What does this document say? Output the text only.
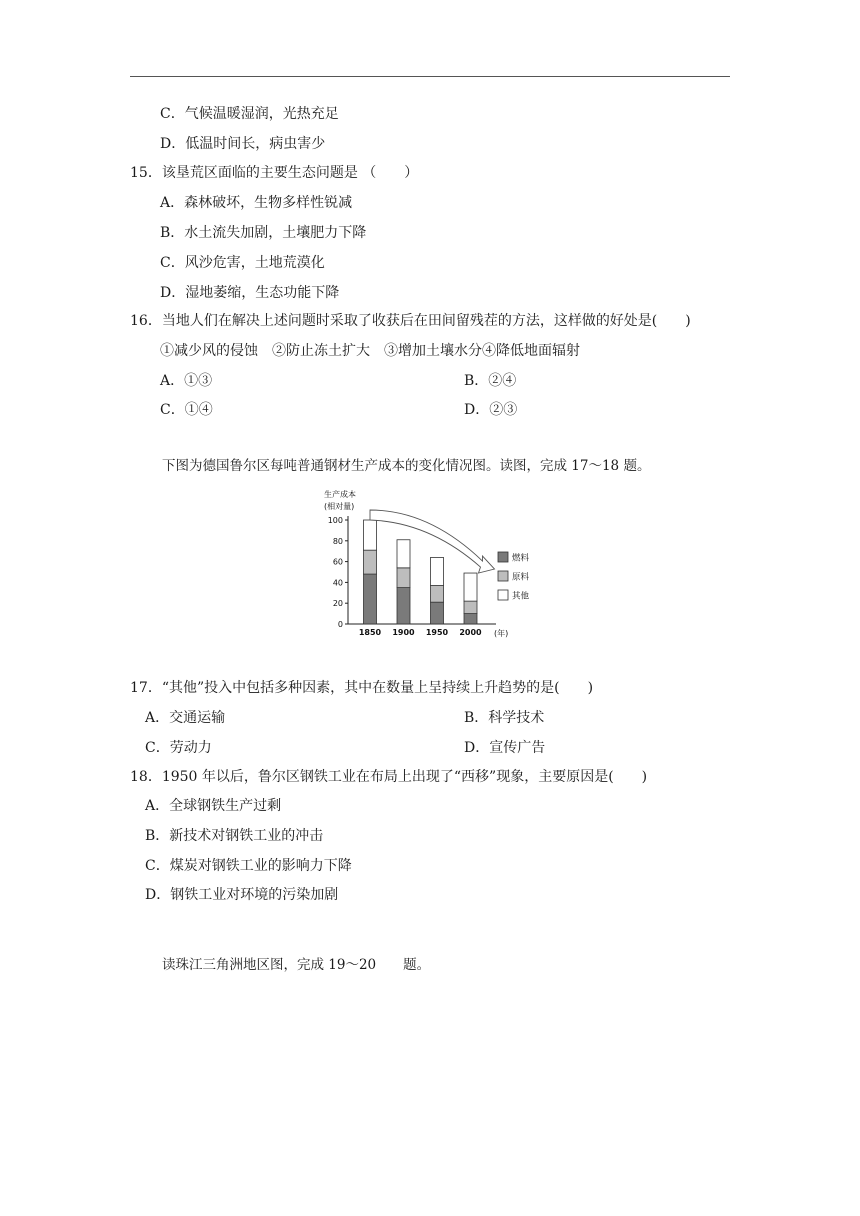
C．气候温暖湿润，光热充足
D．低温时间长，病虫害少
15．该垦荒区面临的主要生态问题是 （　　）
A．森林破坏，生物多样性锐减
B．水土流失加剧，土壤肥力下降
C．风沙危害，土地荒漠化
D．湿地萎缩，生态功能下降
16．当地人们在解决上述问题时采取了收获后在田间留残茬的方法，这样做的好处是(　　)
①减少风的侵蚀　②防止冻土扩大　③增加土壤水分④降低地面辐射
A．①③	B．②④
C．①④	D．②③
下图为德国鲁尔区每吨普通钢材生产成本的变化情况图。读图，完成 17～18 题。
生产成本
(相对量)
0
20
40
60
80
100
1850 1900 1950 2000
燃料
原料
其他
(年)
17．“其他”投入中包括多种因素，其中在数量上呈持续上升趋势的是(　　)
A．交通运输	B．科学技术
C．劳动力	D．宣传广告
18．1950 年以后，鲁尔区钢铁工业在布局上出现了“西移”现象，主要原因是(　　)
A．全球钢铁生产过剩
B．新技术对钢铁工业的冲击
C．煤炭对钢铁工业的影响力下降
D．钢铁工业对环境的污染加剧
读珠江三角洲地区图，完成 19～20　　题。
